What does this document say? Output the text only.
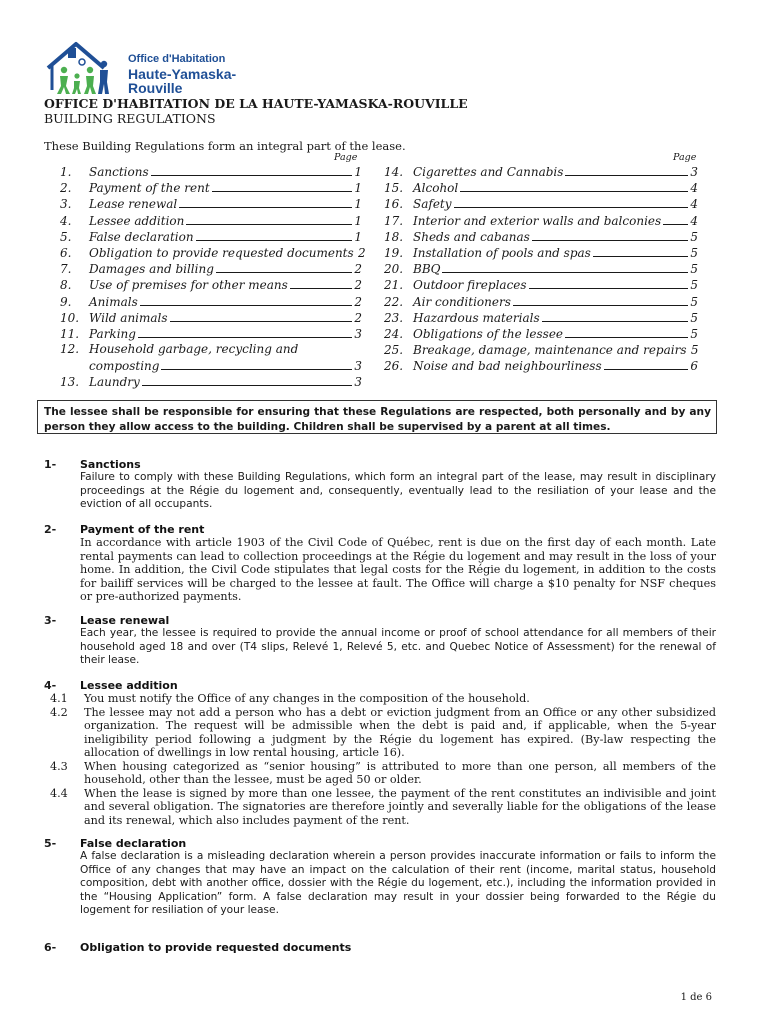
Office d'Habitation
Haute-Yamaska-
Rouville
OFFICE D'HABITATION DE LA HAUTE-YAMASKA-ROUVILLE
BUILDING REGULATIONS
These Building Regulations form an integral part of the lease.
Page	Page
1.	Sanctions	1
2.	Payment of the rent	1
3.	Lease renewal	1
4.	Lessee addition	1
5.	False declaration	1
6.	Obligation to provide requested documents 2
7.	Damages and billing	2
8.	Use of premises for other means	2
9.	Animals	2
10. Wild animals	2
11. Parking	3
12. Household garbage, recycling and
composting	3
13. Laundry	3
14. Cigarettes and Cannabis	3
15. Alcohol	4
16. Safety	4
17. Interior and exterior walls and balconies 4
18. Sheds and cabanas	5
19. Installation of pools and spas	5
20. BBQ	5
21. Outdoor fireplaces	5
22. Air conditioners	5
23. Hazardous materials	5
24. Obligations of the lessee	5
25. Breakage, damage, maintenance and repairs 5
26. Noise and bad neighbourliness	6
The lessee shall be responsible for ensuring that these Regulations are respected, both personally and by any person they allow access to the building. Children shall be supervised by a parent at all times.
1- Sanctions
Failure to comply with these Building Regulations, which form an integral part of the lease, may result in disciplinary proceedings at the Régie du logement and, consequently, eventually lead to the resiliation of your lease and the eviction of all occupants.
2- Payment of the rent
In accordance with article 1903 of the Civil Code of Québec, rent is due on the first day of each month. Late rental payments can lead to collection proceedings at the Régie du logement and may result in the loss of your home. In addition, the Civil Code stipulates that legal costs for the Régie du logement, in addition to the costs for bailiff services will be charged to the lessee at fault. The Office will charge a $10 penalty for NSF cheques or pre-authorized payments.
3- Lease renewal
Each year, the lessee is required to provide the annual income or proof of school attendance for all members of their household aged 18 and over (T4 slips, Relevé 1, Relevé 5, etc. and Quebec Notice of Assessment) for the renewal of their lease.
4- Lessee addition
4.1 You must notify the Office of any changes in the composition of the household.
4.2 The lessee may not add a person who has a debt or eviction judgment from an Office or any other subsidized organization. The request will be admissible when the debt is paid and, if applicable, when the 5-year ineligibility period following a judgment by the Régie du logement has expired. (By-law respecting the allocation of dwellings in low rental housing, article 16).
4.3 When housing categorized as “senior housing” is attributed to more than one person, all members of the household, other than the lessee, must be aged 50 or older.
4.4 When the lease is signed by more than one lessee, the payment of the rent constitutes an indivisible and joint and several obligation. The signatories are therefore jointly and severally liable for the obligations of the lease and its renewal, which also includes payment of the rent.
5- False declaration
A false declaration is a misleading declaration wherein a person provides inaccurate information or fails to inform the Office of any changes that may have an impact on the calculation of their rent (income, marital status, household composition, debt with another office, dossier with the Régie du logement, etc.), including the information provided in the “Housing Application” form. A false declaration may result in your dossier being forwarded to the Régie du logement for resiliation of your lease.
6- Obligation to provide requested documents
1 de 6
